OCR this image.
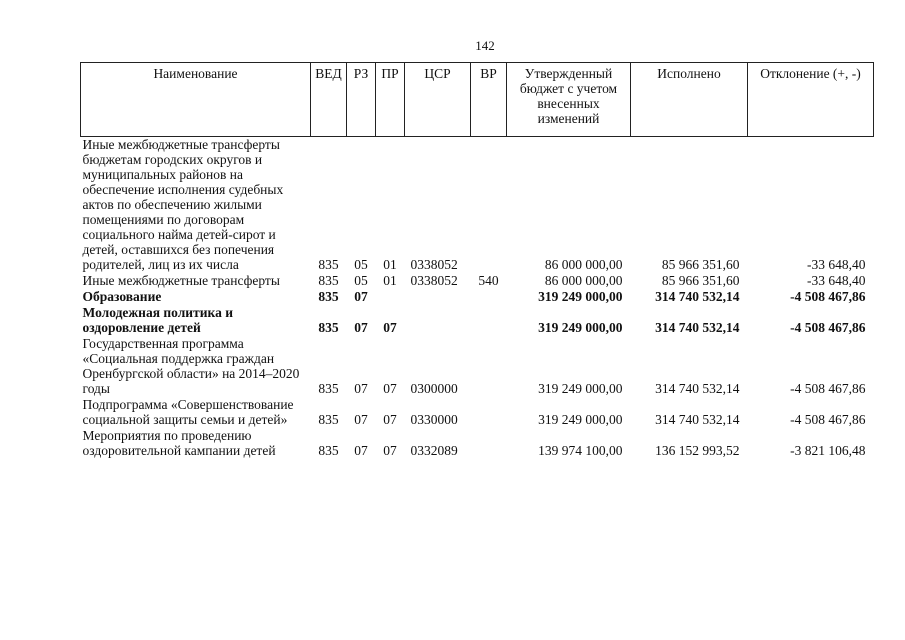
142
Наименование	ВЕД	РЗ	ПР	ЦСР	ВР	Утвержденный бюджет с учетом внесенных изменений	Исполнено	Отклонение (+, -)
Иные межбюджетные трансферты бюджетам городских округов и муниципальных районов на обеспечение исполнения судебных актов по обеспечению жилыми помещениями по договорам социального найма детей-сирот и детей, оставшихся без попечения родителей, лиц из их числа	835	05	01	0338052		86 000 000,00	85 966 351,60	-33 648,40
Иные межбюджетные трансферты	835	05	01	0338052	540	86 000 000,00	85 966 351,60	-33 648,40
Образование	835	07				319 249 000,00	314 740 532,14	-4 508 467,86
Молодежная политика и оздоровление детей	835	07	07			319 249 000,00	314 740 532,14	-4 508 467,86
Государственная программа «Социальная поддержка граждан Оренбургской области» на 2014–2020 годы	835	07	07	0300000		319 249 000,00	314 740 532,14	-4 508 467,86
Подпрограмма «Совершенствование социальной защиты семьи и детей»	835	07	07	0330000		319 249 000,00	314 740 532,14	-4 508 467,86
Мероприятия по проведению оздоровительной кампании детей	835	07	07	0332089		139 974 100,00	136 152 993,52	-3 821 106,48
